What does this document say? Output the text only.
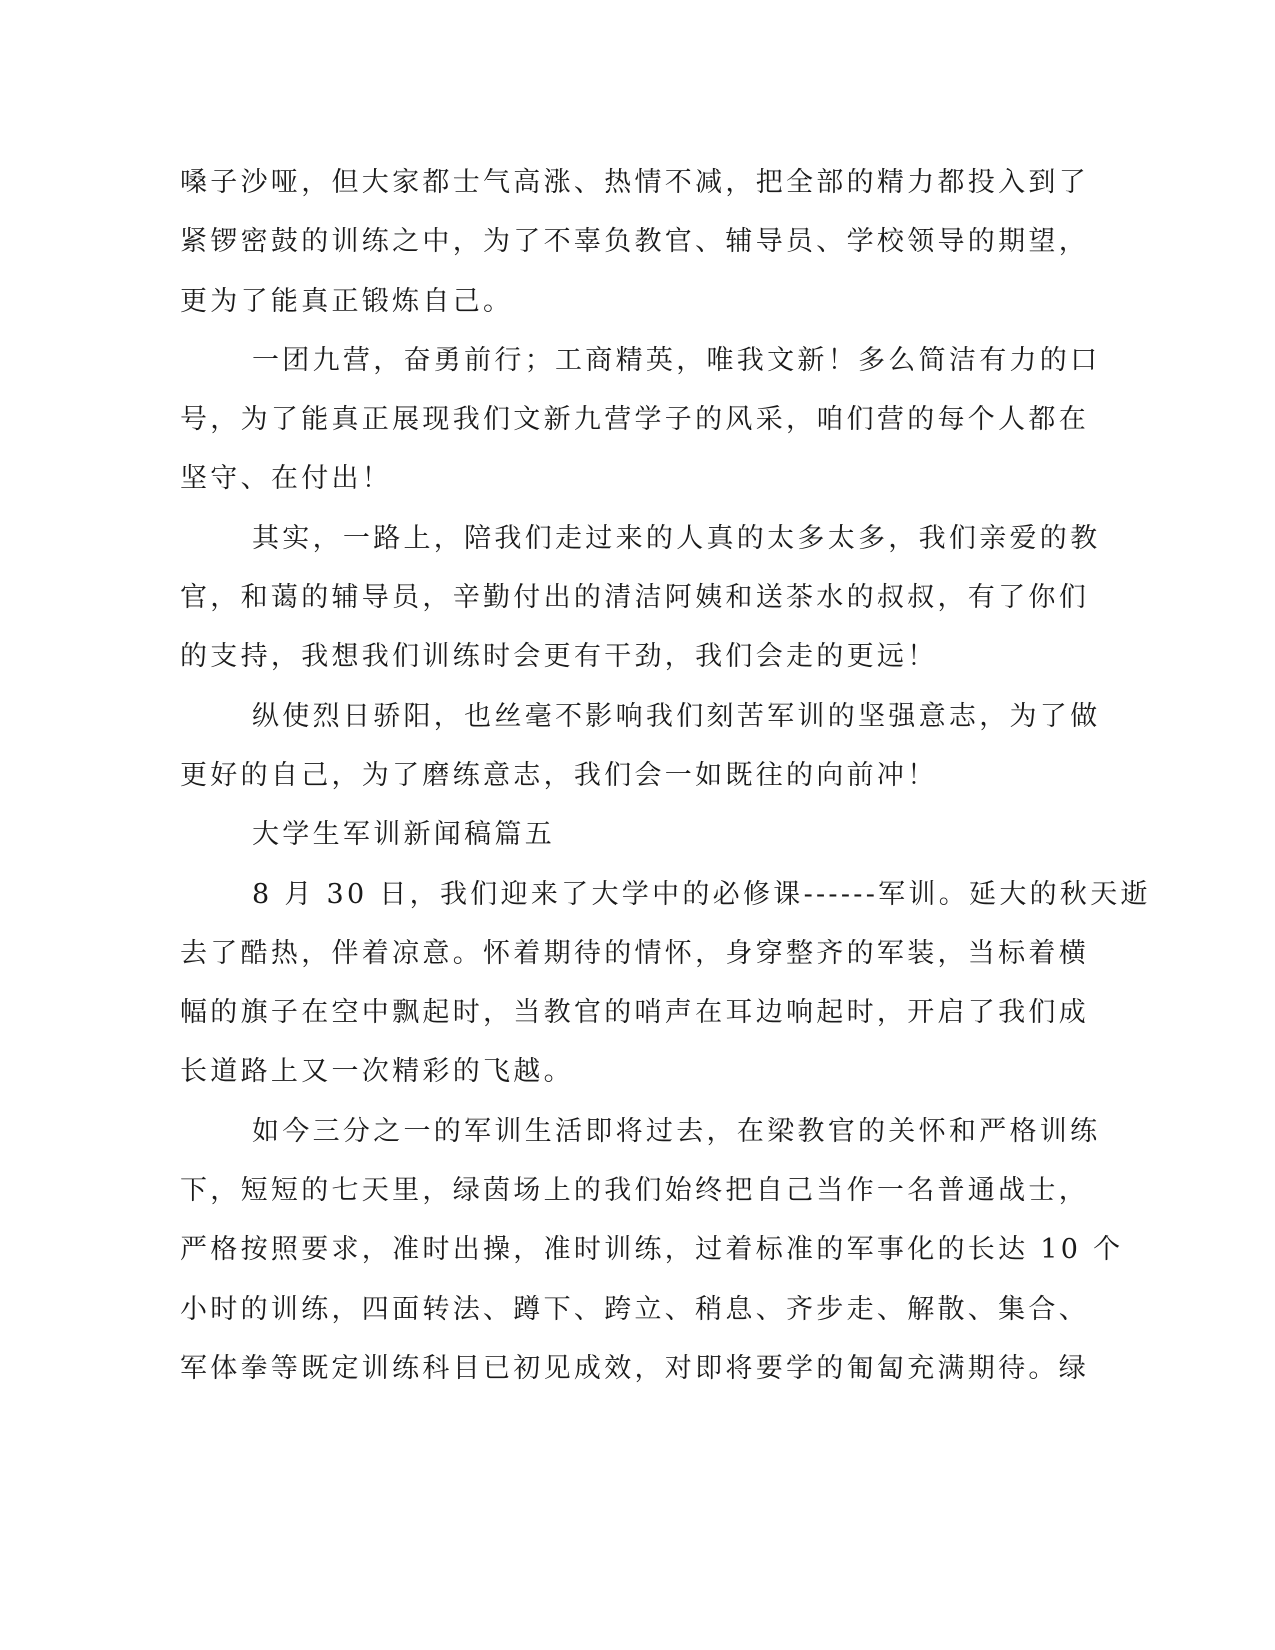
嗓子沙哑，但大家都士气高涨、热情不减，把全部的精力都投入到了
紧锣密鼓的训练之中，为了不辜负教官、辅导员、学校领导的期望，
更为了能真正锻炼自己。
一团九营，奋勇前行；工商精英，唯我文新！多么简洁有力的口
号，为了能真正展现我们文新九营学子的风采，咱们营的每个人都在
坚守、在付出！
其实，一路上，陪我们走过来的人真的太多太多，我们亲爱的教
官，和蔼的辅导员，辛勤付出的清洁阿姨和送茶水的叔叔，有了你们
的支持，我想我们训练时会更有干劲，我们会走的更远！
纵使烈日骄阳，也丝毫不影响我们刻苦军训的坚强意志，为了做
更好的自己，为了磨练意志，我们会一如既往的向前冲！
大学生军训新闻稿篇五
8 月 30 日，我们迎来了大学中的必修课------军训。延大的秋天逝
去了酷热，伴着凉意。怀着期待的情怀，身穿整齐的军装，当标着横
幅的旗子在空中飘起时，当教官的哨声在耳边响起时，开启了我们成
长道路上又一次精彩的飞越。
如今三分之一的军训生活即将过去，在梁教官的关怀和严格训练
下，短短的七天里，绿茵场上的我们始终把自己当作一名普通战士，
严格按照要求，准时出操，准时训练，过着标准的军事化的长达 10 个
小时的训练，四面转法、蹲下、跨立、稍息、齐步走、解散、集合、
军体拳等既定训练科目已初见成效，对即将要学的匍匐充满期待。绿
